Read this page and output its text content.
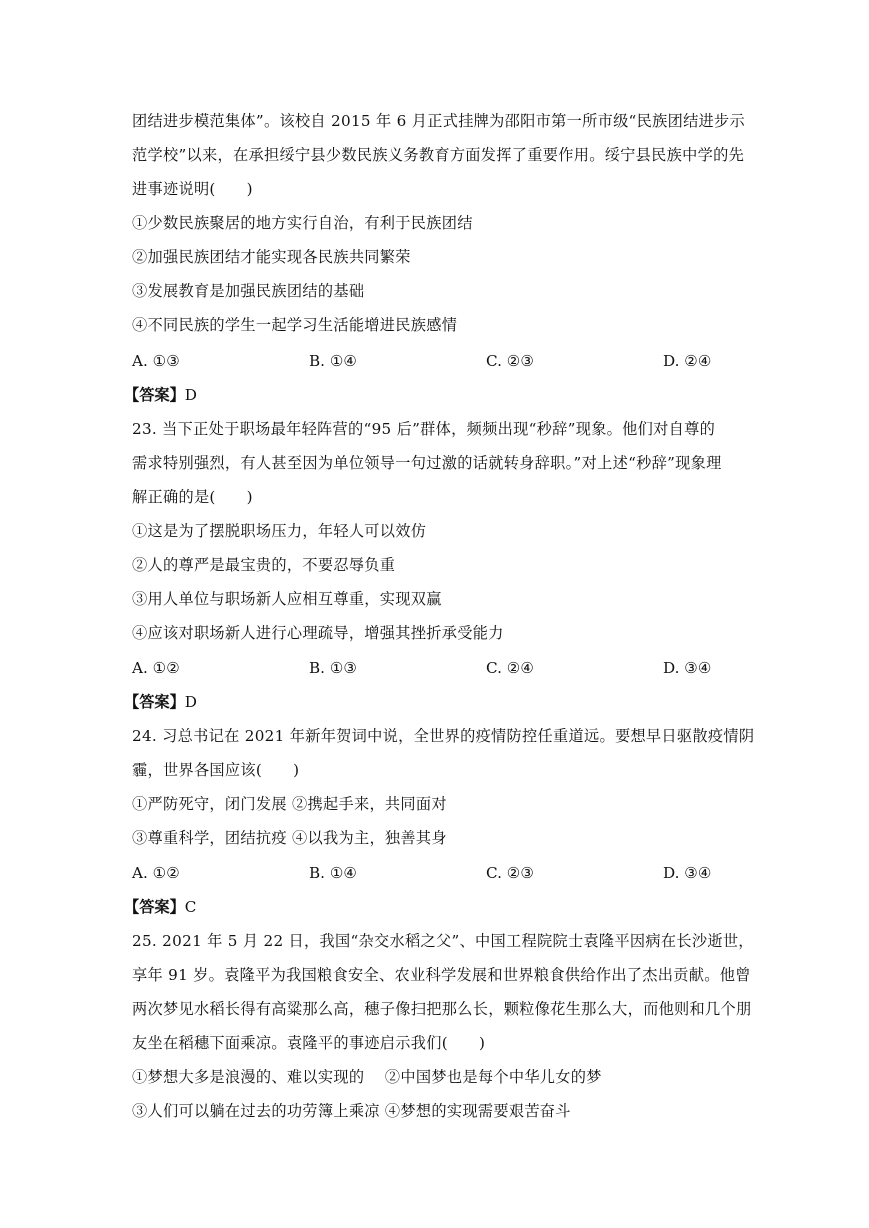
团结进步模范集体”。该校自 2015 年 6 月正式挂牌为邵阳市第一所市级“民族团结进步示
范学校”以来，在承担绥宁县少数民族义务教育方面发挥了重要作用。绥宁县民族中学的先
进事迹说明(　　)
①少数民族聚居的地方实行自治，有利于民族团结
②加强民族团结才能实现各民族共同繁荣
③发展教育是加强民族团结的基础
④不同民族的学生一起学习生活能增进民族感情
A. ①③	B. ①④	C. ②③	D. ②④
【答案】D
23. 当下正处于职场最年轻阵营的“95 后”群体，频频出现“秒辞”现象。他们对自尊的
需求特别强烈，有人甚至因为单位领导一句过激的话就转身辞职。”对上述“秒辞”现象理
解正确的是(　　)
①这是为了摆脱职场压力，年轻人可以效仿
②人的尊严是最宝贵的，不要忍辱负重
③用人单位与职场新人应相互尊重，实现双赢
④应该对职场新人进行心理疏导，增强其挫折承受能力
A. ①②	B. ①③	C. ②④	D. ③④
【答案】D
24. 习总书记在 2021 年新年贺词中说，全世界的疫情防控任重道远。要想早日驱散疫情阴
霾，世界各国应该(　　)
①严防死守，闭门发展 ②携起手来，共同面对
③尊重科学，团结抗疫 ④以我为主，独善其身
A. ①②	B. ①④	C. ②③	D. ③④
【答案】C
25. 2021 年 5 月 22 日，我国“杂交水稻之父”、中国工程院院士袁隆平因病在长沙逝世，
享年 91 岁。袁隆平为我国粮食安全、农业科学发展和世界粮食供给作出了杰出贡献。他曾
两次梦见水稻长得有高粱那么高，穗子像扫把那么长，颗粒像花生那么大，而他则和几个朋
友坐在稻穗下面乘凉。袁隆平的事迹启示我们(　　)
①梦想大多是浪漫的、难以实现的　 ②中国梦也是每个中华儿女的梦
③人们可以躺在过去的功劳簿上乘凉 ④梦想的实现需要艰苦奋斗
